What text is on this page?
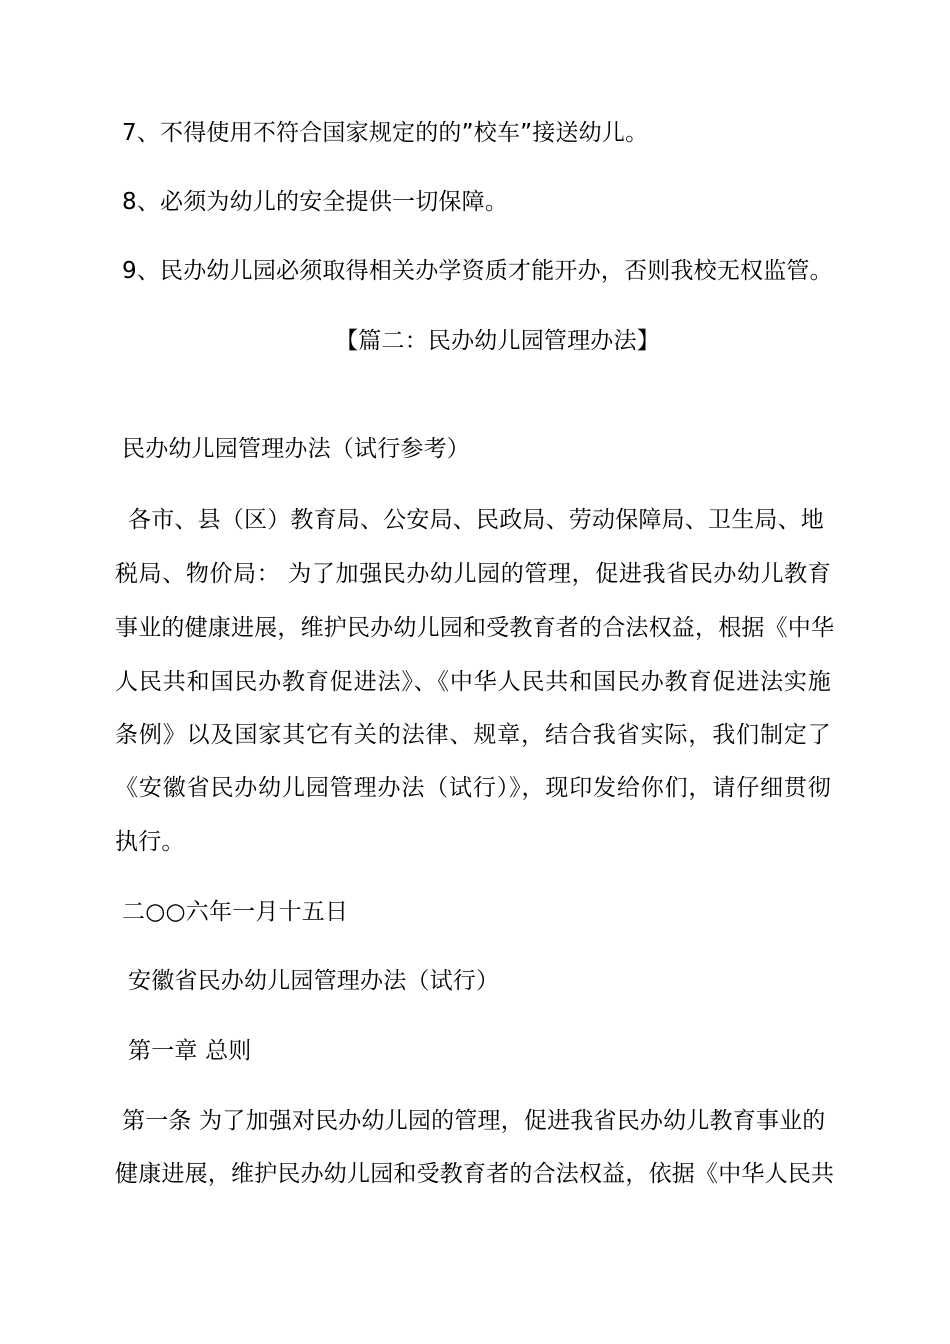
7、不得使用不符合国家规定的的”校车”接送幼儿。
8、必须为幼儿的安全提供一切保障。
9、民办幼儿园必须取得相关办学资质才能开办，否则我校无权监管。
【篇二：民办幼儿园管理办法】
民办幼儿园管理办法（试行参考）
各市、县（区）教育局、公安局、民政局、劳动保障局、卫生局、地
税局、物价局： 为了加强民办幼儿园的管理，促进我省民办幼儿教育
事业的健康进展，维护民办幼儿园和受教育者的合法权益，根据《中华
人民共和国民办教育促进法》、《中华人民共和国民办教育促进法实施
条例》以及国家其它有关的法律、规章，结合我省实际，我们制定了
《安徽省民办幼儿园管理办法（试行）》，现印发给你们，请仔细贯彻
执行。
二○○六年一月十五日
安徽省民办幼儿园管理办法（试行）
第一章 总则
第一条 为了加强对民办幼儿园的管理，促进我省民办幼儿教育事业的
健康进展，维护民办幼儿园和受教育者的合法权益，依据《中华人民共
